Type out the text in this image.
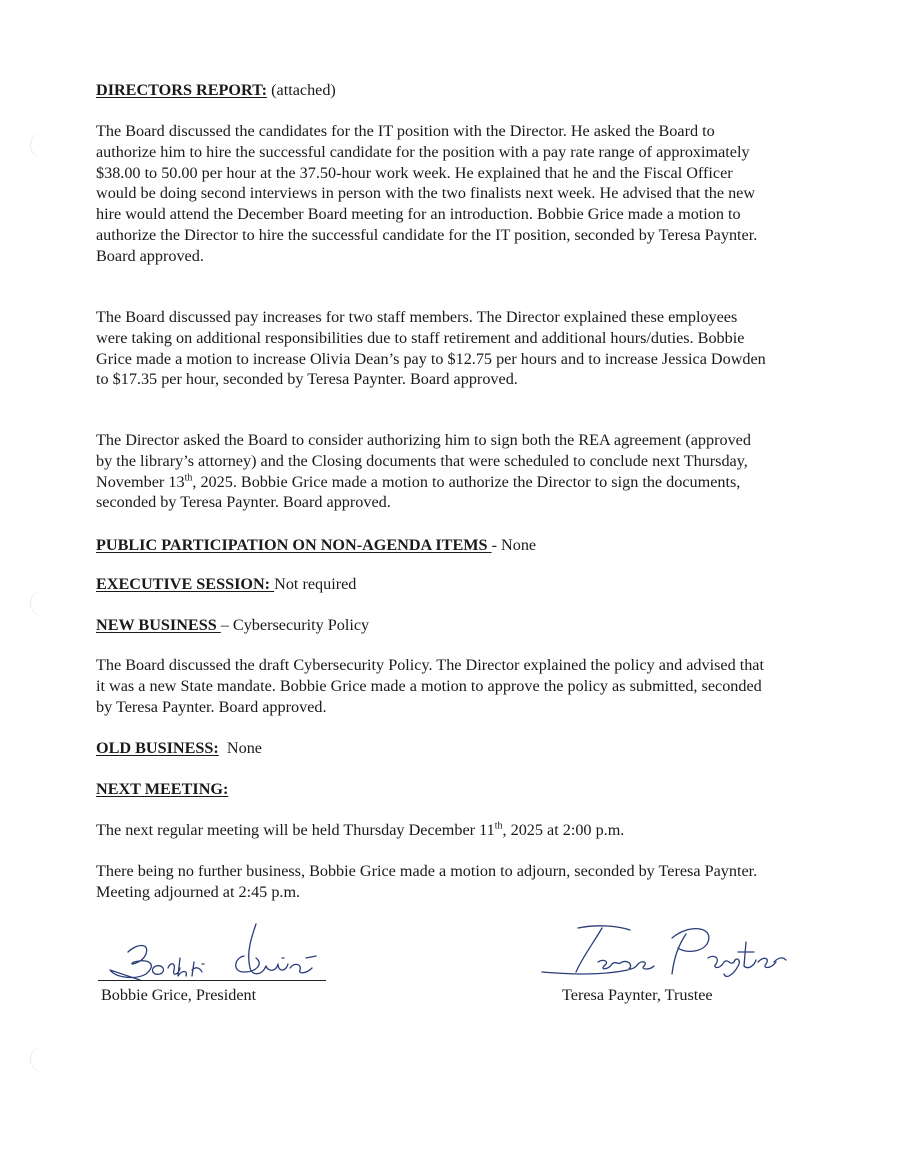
DIRECTORS REPORT: (attached)

The Board discussed the candidates for the IT position with the Director. He asked the Board to authorize him to hire the successful candidate for the position with a pay rate range of approximately $38.00 to 50.00 per hour at the 37.50-hour work week. He explained that he and the Fiscal Officer would be doing second interviews in person with the two finalists next week. He advised that the new hire would attend the December Board meeting for an introduction. Bobbie Grice made a motion to authorize the Director to hire the successful candidate for the IT position, seconded by Teresa Paynter. Board approved.

The Board discussed pay increases for two staff members. The Director explained these employees were taking on additional responsibilities due to staff retirement and additional hours/duties. Bobbie Grice made a motion to increase Olivia Dean’s pay to $12.75 per hours and to increase Jessica Dowden to $17.35 per hour, seconded by Teresa Paynter. Board approved.

The Director asked the Board to consider authorizing him to sign both the REA agreement (approved by the library’s attorney) and the Closing documents that were scheduled to conclude next Thursday, November 13th, 2025. Bobbie Grice made a motion to authorize the Director to sign the documents, seconded by Teresa Paynter. Board approved.

PUBLIC PARTICIPATION ON NON-AGENDA ITEMS - None

EXECUTIVE SESSION: Not required

NEW BUSINESS – Cybersecurity Policy

The Board discussed the draft Cybersecurity Policy. The Director explained the policy and advised that it was a new State mandate. Bobbie Grice made a motion to approve the policy as submitted, seconded by Teresa Paynter. Board approved.

OLD BUSINESS:  None

NEXT MEETING:

The next regular meeting will be held Thursday December 11th, 2025 at 2:00 p.m.

There being no further business, Bobbie Grice made a motion to adjourn, seconded by Teresa Paynter. Meeting adjourned at 2:45 p.m.

Bobbie Grice, President	Teresa Paynter, Trustee
